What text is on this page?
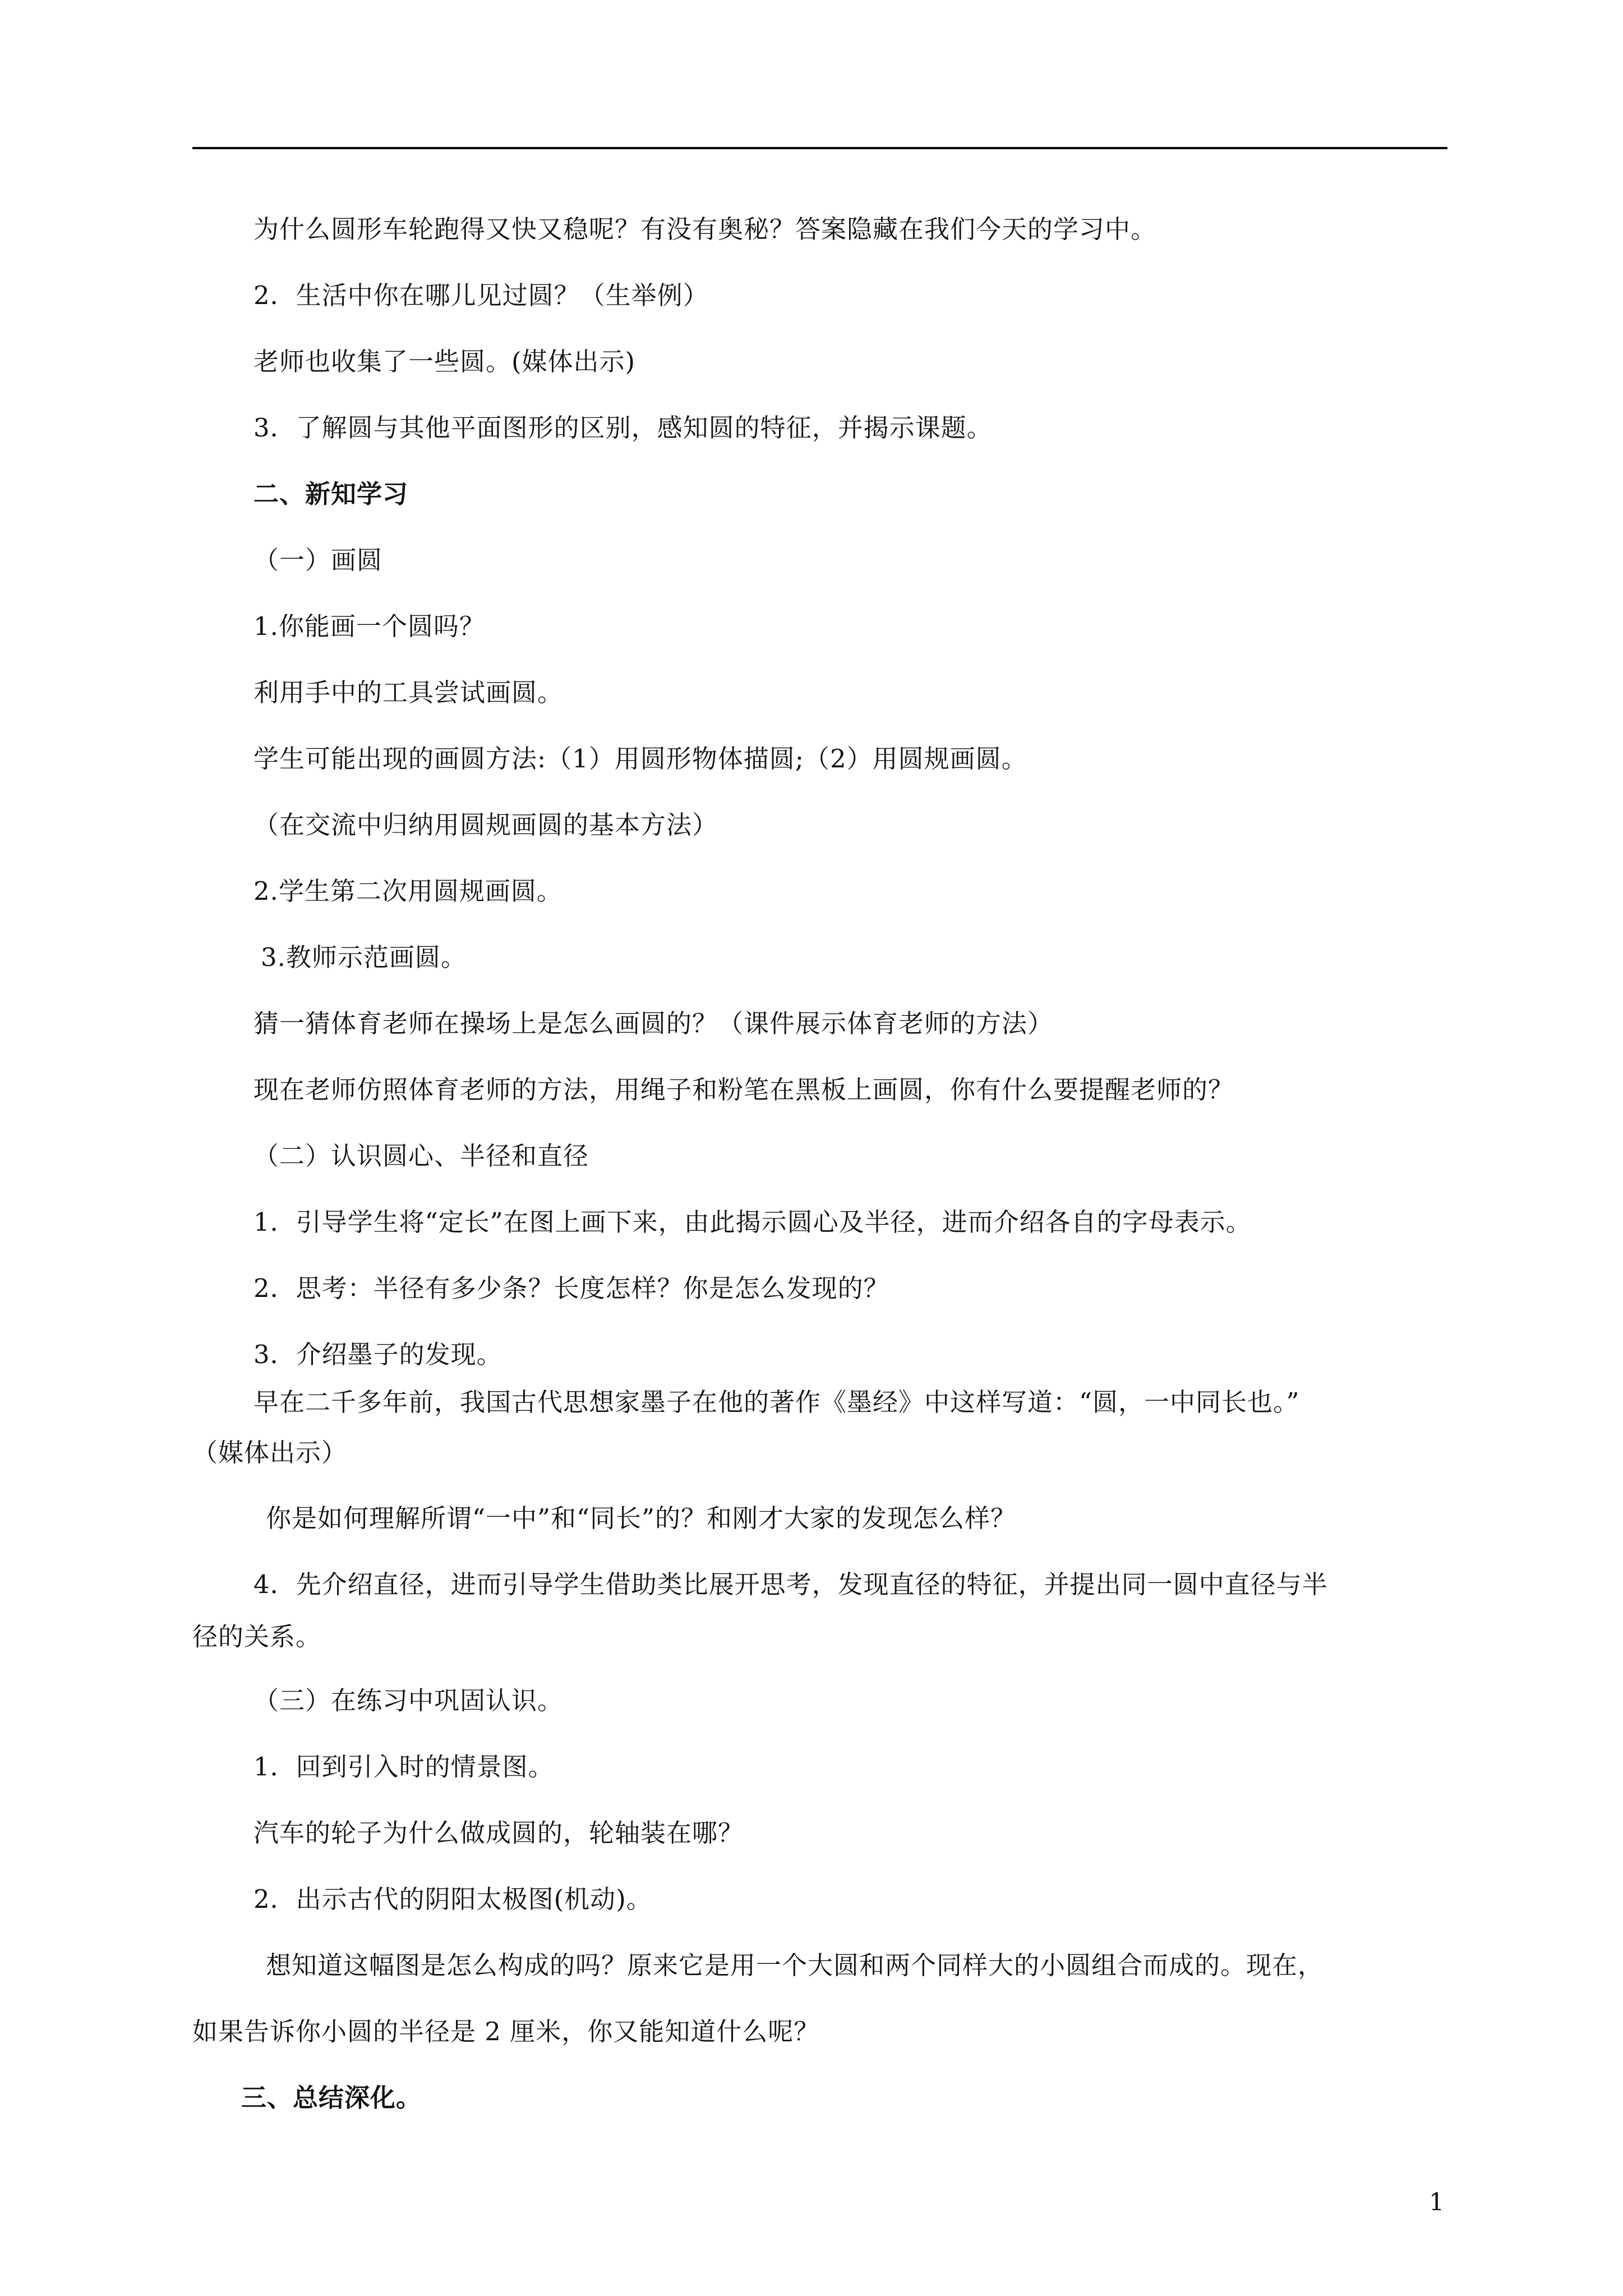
为什么圆形车轮跑得又快又稳呢？有没有奥秘？答案隐藏在我们今天的学习中。
2．生活中你在哪儿见过圆？（生举例）
老师也收集了一些圆。(媒体出示)
3．了解圆与其他平面图形的区别，感知圆的特征，并揭示课题。
二、新知学习
（一）画圆
1.你能画一个圆吗？
利用手中的工具尝试画圆。
学生可能出现的画圆方法:（1）用圆形物体描圆;（2）用圆规画圆。
（在交流中归纳用圆规画圆的基本方法）
2.学生第二次用圆规画圆。
3.教师示范画圆。
猜一猜体育老师在操场上是怎么画圆的？（课件展示体育老师的方法）
现在老师仿照体育老师的方法，用绳子和粉笔在黑板上画圆，你有什么要提醒老师的？
（二）认识圆心、半径和直径
1．引导学生将“定长”在图上画下来，由此揭示圆心及半径，进而介绍各自的字母表示。
2．思考：半径有多少条？长度怎样？你是怎么发现的？
3．介绍墨子的发现。
早在二千多年前，我国古代思想家墨子在他的著作《墨经》中这样写道：“圆，一中同长也。”
（媒体出示）
你是如何理解所谓“一中”和“同长”的？和刚才大家的发现怎么样？
4．先介绍直径，进而引导学生借助类比展开思考，发现直径的特征，并提出同一圆中直径与半
径的关系。
（三）在练习中巩固认识。
1．回到引入时的情景图。
汽车的轮子为什么做成圆的，轮轴装在哪？
2．出示古代的阴阳太极图(机动)。
想知道这幅图是怎么构成的吗？原来它是用一个大圆和两个同样大的小圆组合而成的。现在，
如果告诉你小圆的半径是 2 厘米，你又能知道什么呢？
三、总结深化。
1
